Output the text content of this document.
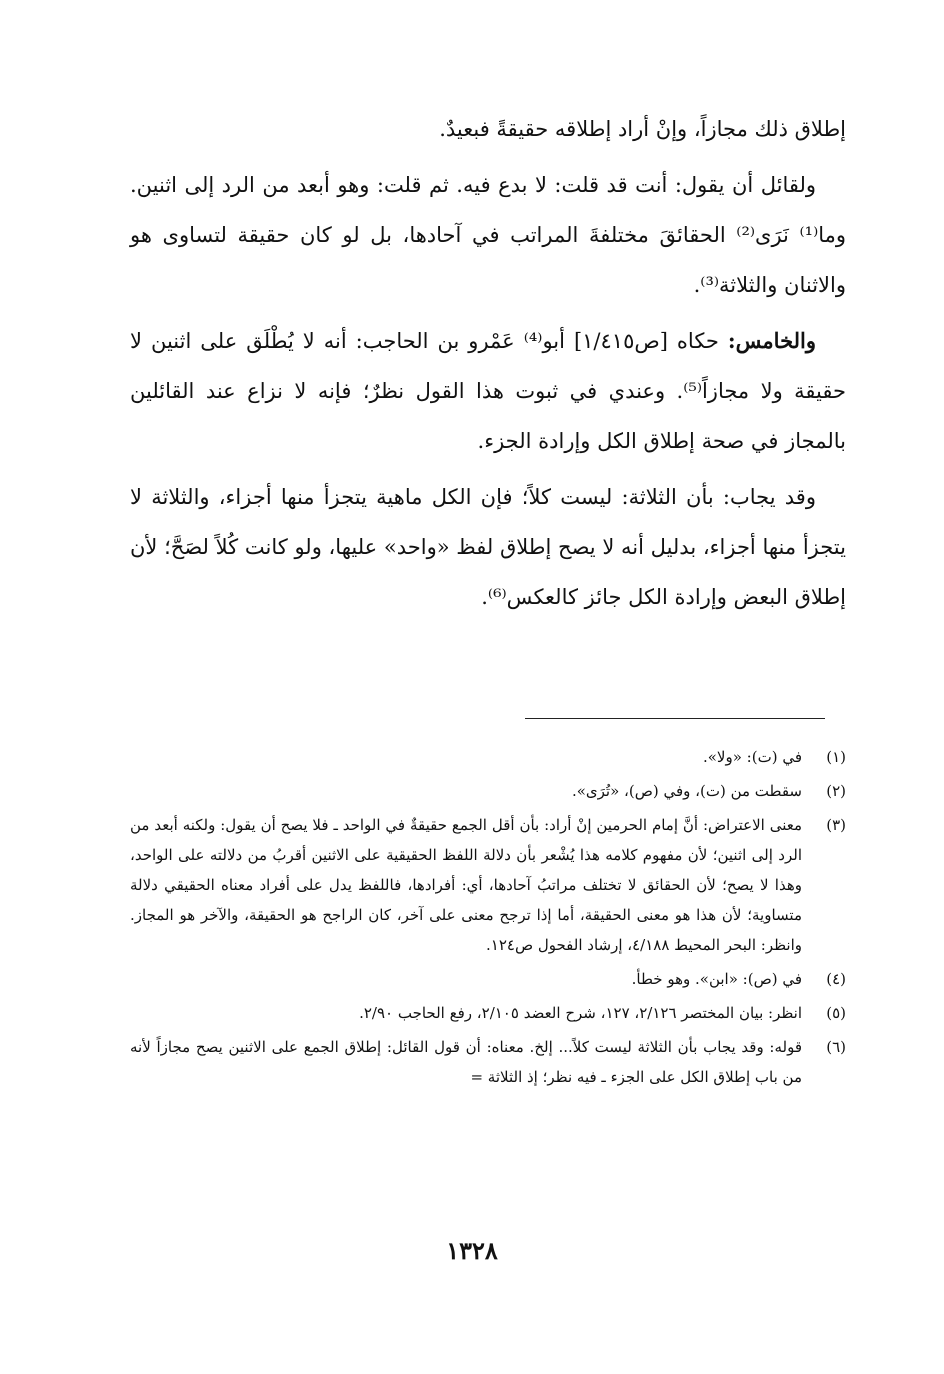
إطلاق ذلك مجازاً، وإنْ أراد إطلاقه حقيقةً فبعيدٌ.

ولقائل أن يقول: أنت قد قلت: لا بدع فيه. ثم قلت: وهو أبعد من الرد إلى اثنين. وما⁽¹⁾ نَرَى⁽²⁾ الحقائقَ مختلفةَ المراتب في آحادها، بل لو كان حقيقة لتساوى هو والاثنان والثلاثة⁽³⁾.

والخامس: حكاه [ص١/٤١٥] أبو⁽⁴⁾ عَمْرو بن الحاجب: أنه لا يُطْلَق على اثنين لا حقيقة ولا مجازاً⁽⁵⁾. وعندي في ثبوت هذا القول نظرٌ؛ فإنه لا نزاع عند القائلين بالمجاز في صحة إطلاق الكل وإرادة الجزء.

وقد يجاب: بأن الثلاثة: ليست كلاً؛ فإن الكل ماهية يتجزأ منها أجزاء، والثلاثة لا يتجزأ منها أجزاء، بدليل أنه لا يصح إطلاق لفظ «واحد» عليها، ولو كانت كُلاً لصَحَّ؛ لأن إطلاق البعض وإرادة الكل جائز كالعكس⁽⁶⁾.

(١)
في (ت): «ولا».
(٢)
سقطت من (ت)، وفي (ص)، «تُرَى».
(٣)
معنى الاعتراض: أنَّ إمام الحرمين إنْ أراد: بأن أقل الجمع حقيقةٌ في الواحد ـ فلا يصح أن يقول: ولكنه أبعد من الرد إلى اثنين؛ لأن مفهوم كلامه هذا يُشْعر بأن دلالة اللفظ الحقيقية على الاثنين أقربُ من دلالته على الواحد، وهذا لا يصح؛ لأن الحقائق لا تختلف مراتبُ آحادها، أي: أفرادها، فاللفظ يدل على أفراد معناه الحقيقي دلالة متساوية؛ لأن هذا هو معنى الحقيقة، أما إذا ترجح معنى على آخر، كان الراجح هو الحقيقة، والآخر هو المجاز. وانظر: البحر المحيط ٤/١٨٨، إرشاد الفحول ص١٢٤.
(٤)
في (ص): «ابن». وهو خطأ.
(٥)
انظر: بيان المختصر ٢/١٢٦، ١٢٧، شرح العضد ٢/١٠٥، رفع الحاجب ٢/٩٠.
(٦)
قوله: وقد يجاب بأن الثلاثة ليست كلاً... إلخ. معناه: أن قول القائل: إطلاق الجمع على الاثنين يصح مجازاً لأنه من باب إطلاق الكل على الجزء ـ فيه نظر؛ إذ الثلاثة =
١٣٢٨
